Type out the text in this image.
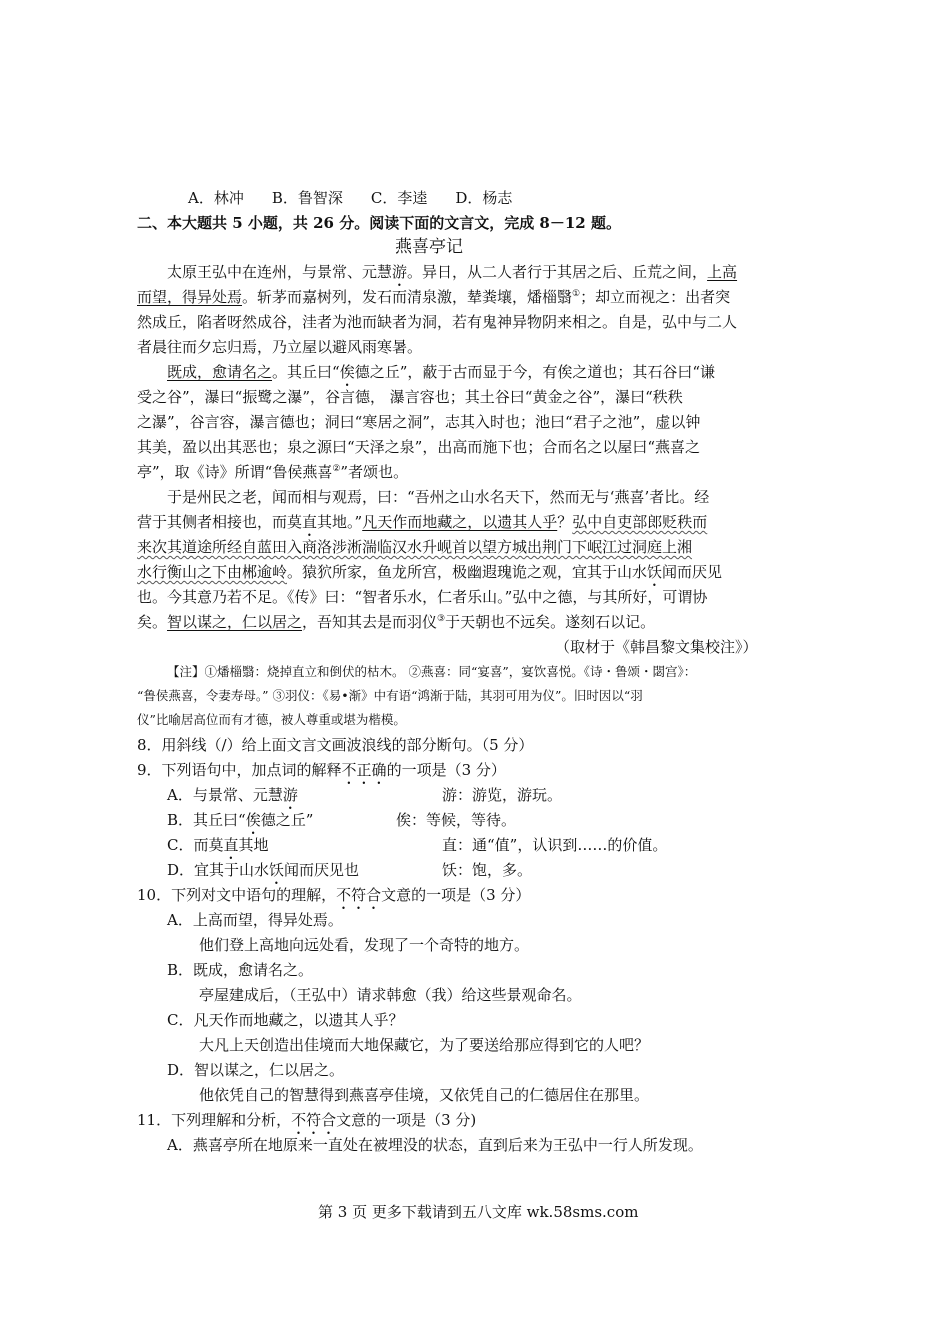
A．林冲 B．鲁智深 C．李逵 D．杨志
二、本大题共 5 小题，共 26 分。阅读下面的文言文，完成 8－12 题。
燕喜亭记
太原王弘中在连州，与景常、元慧游。异日，从二人者行于其居之后、丘荒之间，上高
而望，得异处焉。斩茅而嘉树列，发石而清泉激，辇粪壤，燔椔翳①；却立而视之：出者突
然成丘，陷者呀然成谷，洼者为池而缺者为洞，若有鬼神异物阴来相之。自是，弘中与二人
者晨往而夕忘归焉，乃立屋以避风雨寒暑。
既成，愈请名之。其丘曰“俟德之丘”，蔽于古而显于今，有俟之道也；其石谷曰“谦
受之谷”，瀑曰“振鹭之瀑”，谷言德， 瀑言容也；其土谷曰“黄金之谷”，瀑曰“秩秩
之瀑”，谷言容，瀑言德也；洞曰“寒居之洞”，志其入时也；池曰“君子之池”，虚以钟
其美，盈以出其恶也；泉之源曰“天泽之泉”，出高而施下也；合而名之以屋曰“燕喜之
亭”，取《诗》所谓“鲁侯燕喜②”者颂也。
于是州民之老，闻而相与观焉，曰：“吾州之山水名天下，然而无与‘燕喜’者比。经
营于其侧者相接也，而莫直其地。”凡天作而地藏之，以遗其人乎？弘中自吏部郎贬秩而
来次其道途所经自蓝田入商洛涉淅湍临汉水升岘首以望方城出荆门下岷江过洞庭上湘
水行衡山之下由郴逾岭。猿狖所家，鱼龙所宫，极幽遐瑰诡之观，宜其于山水饫闻而厌见
也。今其意乃若不足。《传》曰：“智者乐水，仁者乐山。”弘中之德，与其所好，可谓协
矣。智以谋之，仁以居之，吾知其去是而羽仪③于天朝也不远矣。遂刻石以记。
（取材于《韩昌黎文集校注》）
【注】①燔椔翳：烧掉直立和倒伏的枯木。 ②燕喜：同“宴喜”，宴饮喜悦。《诗・鲁颂・閟宫》：
“鲁侯燕喜，令妻寿母。” ③羽仪：《易•渐》中有语“鸿渐于陆，其羽可用为仪”。旧时因以“羽
仪”比喻居高位而有才德，被人尊重或堪为楷模。
8．用斜线（/）给上面文言文画波浪线的部分断句。（5 分）
9．下列语句中，加点词的解释不正确的一项是（3 分）
A．与景常、元慧游	游：游览，游玩。
B．其丘曰“俟德之丘”	俟：等候，等待。
C．而莫直其地	直：通“值”，认识到……的价值。
D．宜其于山水饫闻而厌见也	饫：饱，多。
10．下列对文中语句的理解，不符合文意的一项是（3 分）
A．上高而望，得异处焉。
他们登上高地向远处看，发现了一个奇特的地方。
B．既成，愈请名之。
亭屋建成后，（王弘中）请求韩愈（我）给这些景观命名。
C．凡天作而地藏之，以遗其人乎？
大凡上天创造出佳境而大地保藏它，为了要送给那应得到它的人吧？
D．智以谋之，仁以居之。
他依凭自己的智慧得到燕喜亭佳境，又依凭自己的仁德居住在那里。
11．下列理解和分析，不符合文意的一项是（3 分)
A．燕喜亭所在地原来一直处在被埋没的状态，直到后来为王弘中一行人所发现。
第 3 页 更多下载请到五八文库 wk.58sms.com
